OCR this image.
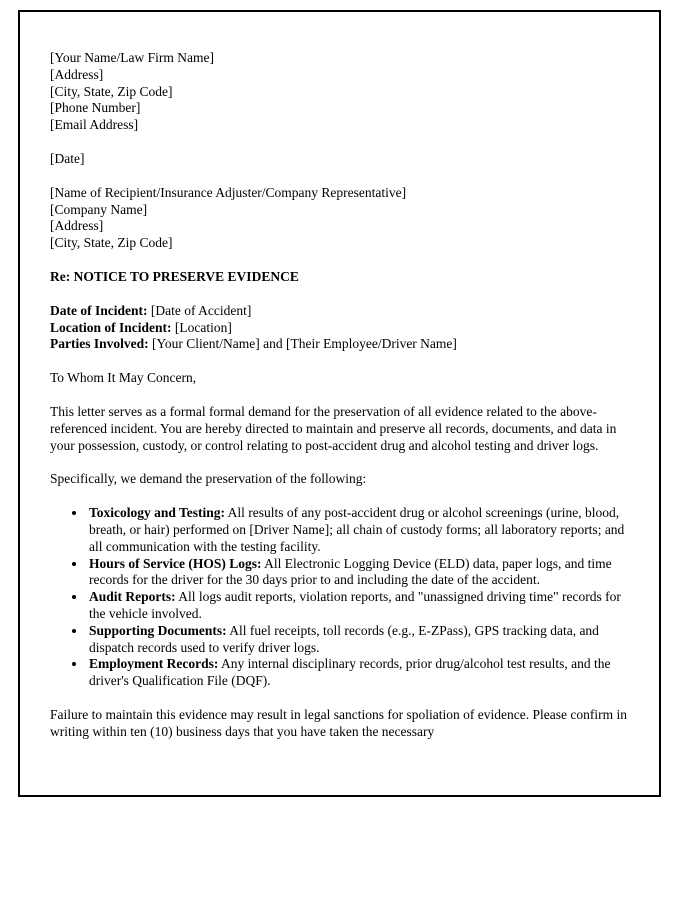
[Your Name/Law Firm Name]
[Address]
[City, State, Zip Code]
[Phone Number]
[Email Address]
[Date]
[Name of Recipient/Insurance Adjuster/Company Representative]
[Company Name]
[Address]
[City, State, Zip Code]

Re: NOTICE TO PRESERVE EVIDENCE

Date of Incident: [Date of Accident]
Location of Incident: [Location]
Parties Involved: [Your Client/Name] and [Their Employee/Driver Name]

To Whom It May Concern,

This letter serves as a formal formal demand for the preservation of all evidence related to the above-referenced incident. You are hereby directed to maintain and preserve all records, documents, and data in your possession, custody, or control relating to post-accident drug and alcohol testing and driver logs.

Specifically, we demand the preservation of the following:

• Toxicology and Testing: All results of any post-accident drug or alcohol screenings (urine, blood, breath, or hair) performed on [Driver Name]; all chain of custody forms; all laboratory reports; and all communication with the testing facility.
• Hours of Service (HOS) Logs: All Electronic Logging Device (ELD) data, paper logs, and time records for the driver for the 30 days prior to and including the date of the accident.
• Audit Reports: All logs audit reports, violation reports, and "unassigned driving time" records for the vehicle involved.
• Supporting Documents: All fuel receipts, toll records (e.g., E-ZPass), GPS tracking data, and dispatch records used to verify driver logs.
• Employment Records: Any internal disciplinary records, prior drug/alcohol test results, and the driver's Qualification File (DQF).

Failure to maintain this evidence may result in legal sanctions for spoliation of evidence. Please confirm in writing within ten (10) business days that you have taken the necessary
